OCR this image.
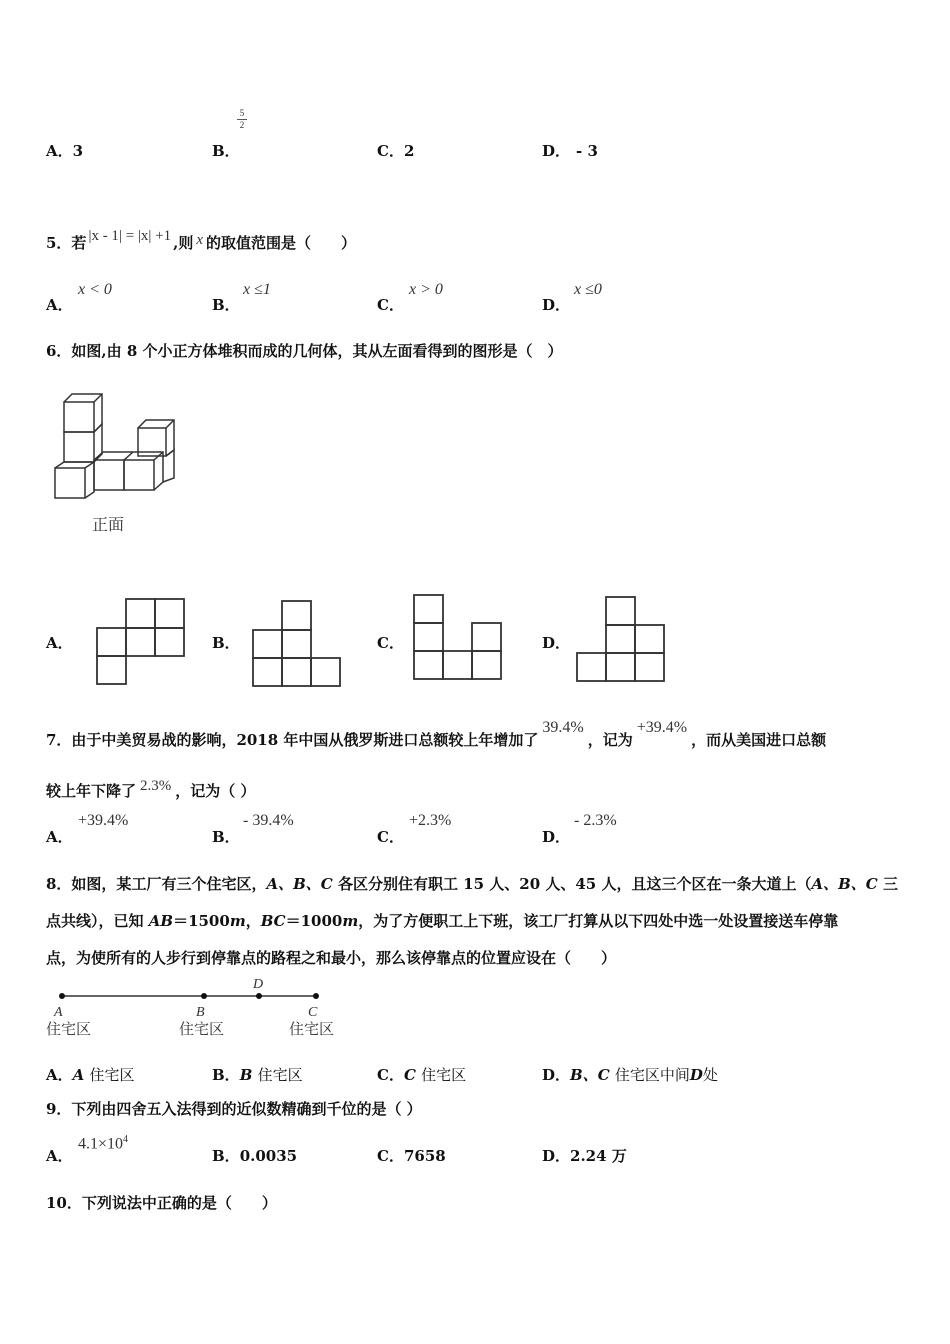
A．3	B．
$\frac{5}{2}$
C．2	D． - 3
5．若 |x - 1| = |x| +1 ,则 x 的取值范围是（　　）
A．
x < 0
B．
x ≤1
C．
x > 0
D．
x ≤0
6．如图,由 8 个小正方体堆积而成的几何体，其从左面看得到的图形是（　）
正面
A．	B．	C．	D．
7．由于中美贸易战的影响，2018 年中国从俄罗斯进口总额较上年增加了39.4%，记为+39.4%，而从美国进口总额
较上年下降了 2.3% ，记为（ ）
A．
+39.4%
B．
- 39.4%
C．
+2.3%
D．
- 2.3%
8．如图，某工厂有三个住宅区，A、B、C 各区分别住有职工 15 人、20 人、45 人，且这三个区在一条大道上（A、B、C 三
点共线），已知 AB＝1500m，BC＝1000m，为了方便职工上下班，该工厂打算从以下四处中选一处设置接送车停靠
点，为使所有的人步行到停靠点的路程之和最小，那么该停靠点的位置应设在（　　）
A	B
D
C
住宅区	住宅区	住宅区
A．A 住宅区	B．B 住宅区	C．C 住宅区	D．B、C 住宅区中间D处
9．下列由四舍五入法得到的近似数精确到千位的是（ ）
A．
$4.1\times 10^4$
B．0.0035	C．7658	D．2.24 万
10．下列说法中正确的是（　　）
